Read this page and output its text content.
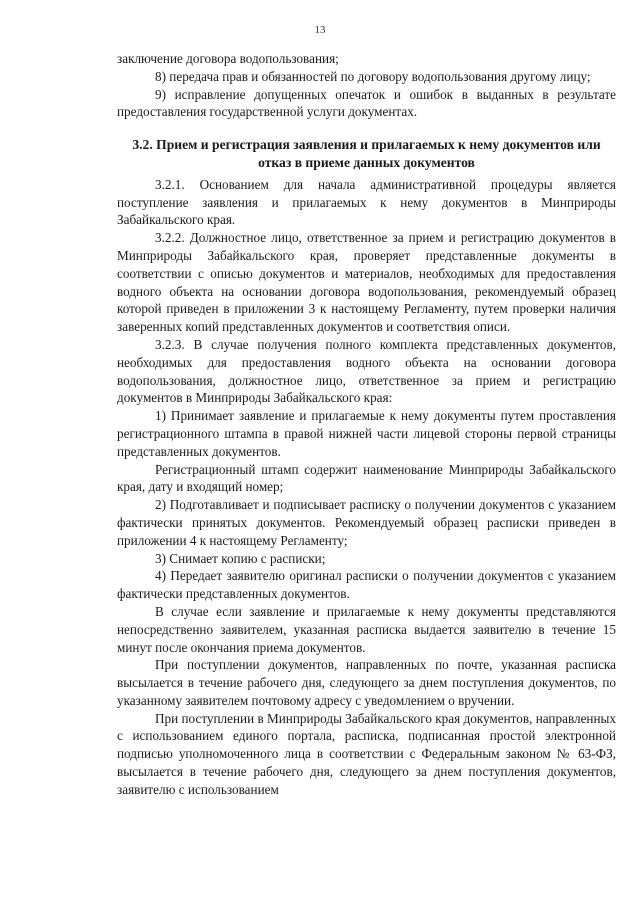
13

заключение договора водопользования;

8) передача прав и обязанностей по договору водопользования другому лицу;

9) исправление допущенных опечаток и ошибок в выданных в результате предоставления государственной услуги документах.

3.2. Прием и регистрация заявления и прилагаемых к нему документов или отказ в приеме данных документов

3.2.1. Основанием для начала административной процедуры является поступление заявления и прилагаемых к нему документов в Минприроды Забайкальского края.

3.2.2. Должностное лицо, ответственное за прием и регистрацию документов в Минприроды Забайкальского края, проверяет представленные документы в соответствии с описью документов и материалов, необходимых для предоставления водного объекта на основании договора водопользования, рекомендуемый образец которой приведен в приложении 3 к настоящему Регламенту, путем проверки наличия заверенных копий представленных документов и соответствия описи.

3.2.3. В случае получения полного комплекта представленных документов, необходимых для предоставления водного объекта на основании договора водопользования, должностное лицо, ответственное за прием и регистрацию документов в Минприроды Забайкальского края:

1) Принимает заявление и прилагаемые к нему документы путем проставления регистрационного штампа в правой нижней части лицевой стороны первой страницы представленных документов.

Регистрационный штамп содержит наименование Минприроды Забайкальского края, дату и входящий номер;

2) Подготавливает и подписывает расписку о получении документов с указанием фактически принятых документов. Рекомендуемый образец расписки приведен в приложении 4 к настоящему Регламенту;

3) Снимает копию с расписки;

4) Передает заявителю оригинал расписки о получении документов с указанием фактически представленных документов.

В случае если заявление и прилагаемые к нему документы представляются непосредственно заявителем, указанная расписка выдается заявителю в течение 15 минут после окончания приема документов.

При поступлении документов, направленных по почте, указанная расписка высылается в течение рабочего дня, следующего за днем поступления документов, по указанному заявителем почтовому адресу с уведомлением о вручении.

При поступлении в Минприроды Забайкальского края документов, направленных с использованием единого портала, расписка, подписанная простой электронной подписью уполномоченного лица в соответствии с Федеральным законом № 63-ФЗ, высылается в течение рабочего дня, следующего за днем поступления документов, заявителю с использованием
